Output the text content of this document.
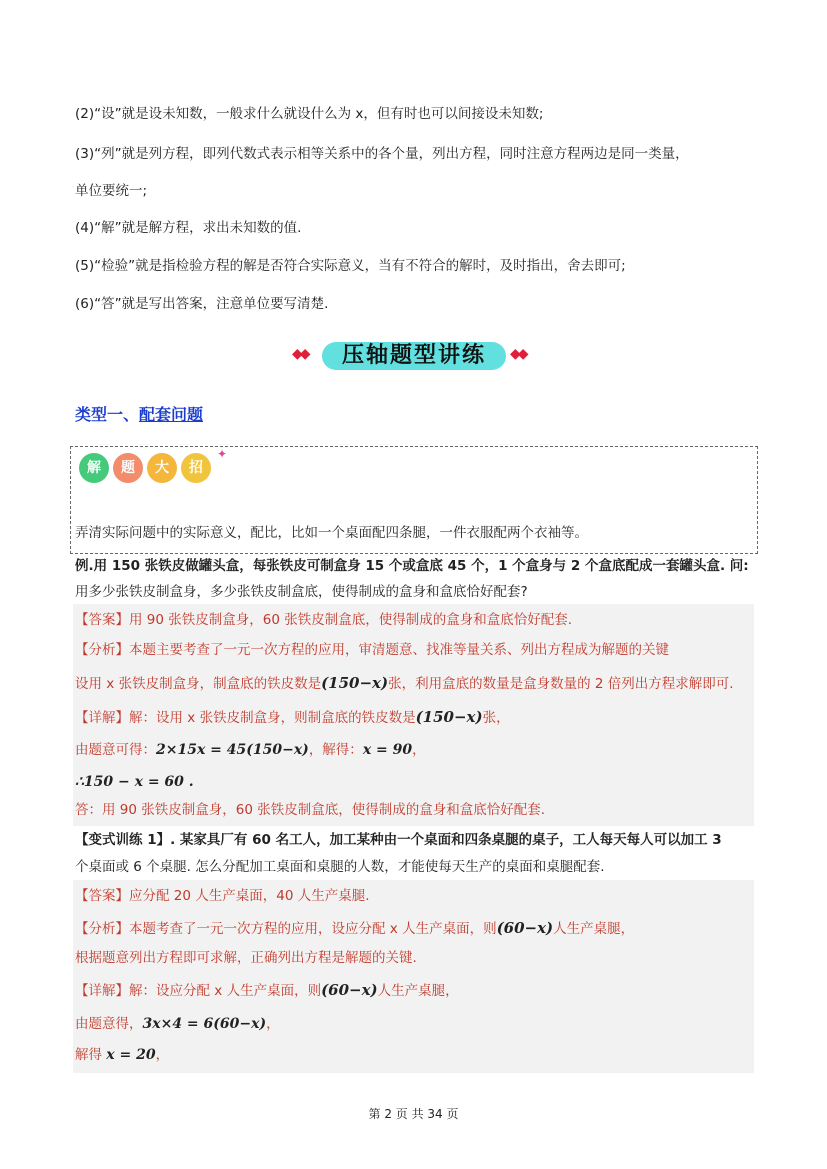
(2)“设”就是设未知数，一般求什么就设什么为 x，但有时也可以间接设未知数;
(3)“列”就是列方程，即列代数式表示相等关系中的各个量，列出方程，同时注意方程两边是同一类量，
单位要统一;
(4)“解”就是解方程，求出未知数的值.
(5)“检验”就是指检验方程的解是否符合实际意义，当有不符合的解时，及时指出，舍去即可;
(6)“答”就是写出答案，注意单位要写清楚.
◆◆	压轴题型讲练	◆◆
类型一、配套问题
解	题	大	招
✦
弄清实际问题中的实际意义，配比，比如一个桌面配四条腿，一件衣服配两个衣袖等。
例.用 150 张铁皮做罐头盒，每张铁皮可制盒身 15 个或盒底 45 个，1 个盒身与 2 个盒底配成一套罐头盒. 问:
用多少张铁皮制盒身，多少张铁皮制盒底，使得制成的盒身和盒底恰好配套?
【答案】用 90 张铁皮制盒身，60 张铁皮制盒底，使得制成的盒身和盒底恰好配套.
【分析】本题主要考查了一元一次方程的应用，审清题意、找准等量关系、列出方程成为解题的关键
设用 x 张铁皮制盒身，制盒底的铁皮数是(150−x)张，利用盒底的数量是盒身数量的 2 倍列出方程求解即可.
【详解】解：设用 x 张铁皮制盒身，则制盒底的铁皮数是(150−x)张，
由题意可得：2×15x = 45(150−x)，解得：x = 90，
∴150 − x = 60 .
答：用 90 张铁皮制盒身，60 张铁皮制盒底，使得制成的盒身和盒底恰好配套.
【变式训练 1】. 某家具厂有 60 名工人，加工某种由一个桌面和四条桌腿的桌子，工人每天每人可以加工 3
个桌面或 6 个桌腿. 怎么分配加工桌面和桌腿的人数，才能使每天生产的桌面和桌腿配套.
【答案】应分配 20 人生产桌面，40 人生产桌腿.
【分析】本题考查了一元一次方程的应用，设应分配 x 人生产桌面，则(60−x)人生产桌腿，
根据题意列出方程即可求解，正确列出方程是解题的关键.
【详解】解：设应分配 x 人生产桌面，则(60−x)人生产桌腿，
由题意得，3x×4 = 6(60−x)，
解得 x = 20，
第 2 页 共 34 页
